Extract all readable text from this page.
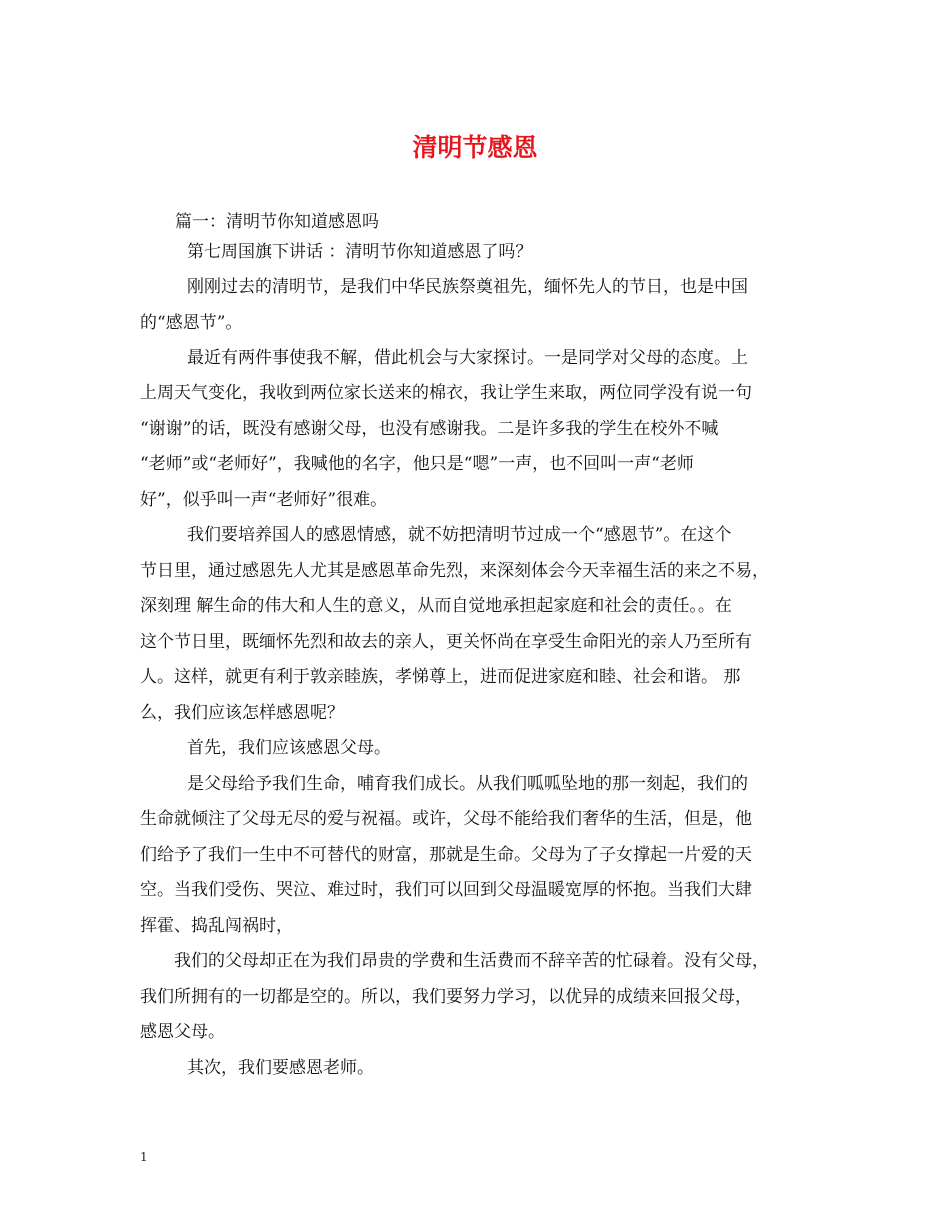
清明节感恩
篇一：清明节你知道感恩吗
第七周国旗下讲话 ：清明节你知道感恩了吗？
刚刚过去的清明节，是我们中华民族祭奠祖先，缅怀先人的节日，也是中国
的“感恩节”。
最近有两件事使我不解，借此机会与大家探讨。一是同学对父母的态度。上
上周天气变化，我收到两位家长送来的棉衣，我让学生来取，两位同学没有说一句
“谢谢”的话，既没有感谢父母，也没有感谢我。二是许多我的学生在校外不喊
“老师”或“老师好”，我喊他的名字，他只是“嗯”一声，也不回叫一声“老师
好”，似乎叫一声“老师好”很难。
我们要培养国人的感恩情感，就不妨把清明节过成一个“感恩节”。在这个
节日里，通过感恩先人尤其是感恩革命先烈，来深刻体会今天幸福生活的来之不易，
深刻理 解生命的伟大和人生的意义，从而自觉地承担起家庭和社会的责任。。在
这个节日里，既缅怀先烈和故去的亲人，更关怀尚在享受生命阳光的亲人乃至所有
人。这样，就更有利于敦亲睦族，孝悌尊上，进而促进家庭和睦、社会和谐。 那
么，我们应该怎样感恩呢？
首先，我们应该感恩父母。
是父母给予我们生命，哺育我们成长。从我们呱呱坠地的那一刻起，我们的
生命就倾注了父母无尽的爱与祝福。或许，父母不能给我们奢华的生活，但是，他
们给予了我们一生中不可替代的财富，那就是生命。父母为了子女撑起一片爱的天
空。当我们受伤、哭泣、难过时，我们可以回到父母温暖宽厚的怀抱。当我们大肆
挥霍、捣乱闯祸时，
我们的父母却正在为我们昂贵的学费和生活费而不辞辛苦的忙碌着。没有父母，
我们所拥有的一切都是空的。所以，我们要努力学习，以优异的成绩来回报父母，
感恩父母。
其次，我们要感恩老师。
1
